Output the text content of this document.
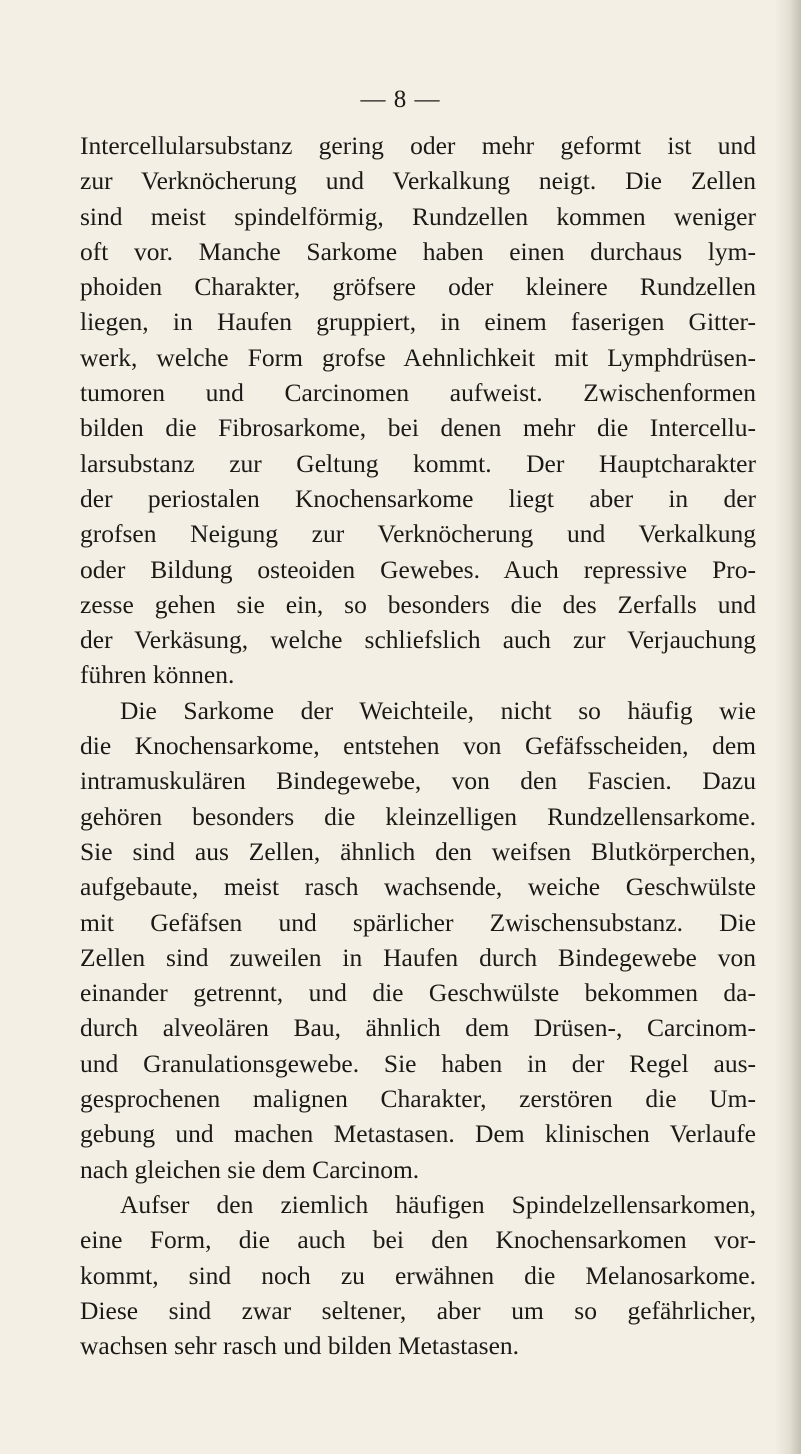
— 8 —
Intercellularsubstanz gering oder mehr geformt ist und
zur Verknöcherung und Verkalkung neigt. Die Zellen
sind meist spindelförmig, Rundzellen kommen weniger
oft vor. Manche Sarkome haben einen durchaus lym-
phoiden Charakter, gröfsere oder kleinere Rundzellen
liegen, in Haufen gruppiert, in einem faserigen Gitter-
werk, welche Form grofse Aehnlichkeit mit Lymphdrüsen-
tumoren und Carcinomen aufweist. Zwischenformen
bilden die Fibrosarkome, bei denen mehr die Intercellu-
larsubstanz zur Geltung kommt. Der Hauptcharakter
der periostalen Knochensarkome liegt aber in der
grofsen Neigung zur Verknöcherung und Verkalkung
oder Bildung osteoiden Gewebes. Auch repressive Pro-
zesse gehen sie ein, so besonders die des Zerfalls und
der Verkäsung, welche schliefslich auch zur Verjauchung
führen können.
Die Sarkome der Weichteile, nicht so häufig wie
die Knochensarkome, entstehen von Gefäfsscheiden, dem
intramuskulären Bindegewebe, von den Fascien. Dazu
gehören besonders die kleinzelligen Rundzellensarkome.
Sie sind aus Zellen, ähnlich den weifsen Blutkörperchen,
aufgebaute, meist rasch wachsende, weiche Geschwülste
mit Gefäfsen und spärlicher Zwischensubstanz. Die
Zellen sind zuweilen in Haufen durch Bindegewebe von
einander getrennt, und die Geschwülste bekommen da-
durch alveolären Bau, ähnlich dem Drüsen-, Carcinom-
und Granulationsgewebe. Sie haben in der Regel aus-
gesprochenen malignen Charakter, zerstören die Um-
gebung und machen Metastasen. Dem klinischen Verlaufe
nach gleichen sie dem Carcinom.
Aufser den ziemlich häufigen Spindelzellensarkomen,
eine Form, die auch bei den Knochensarkomen vor-
kommt, sind noch zu erwähnen die Melanosarkome.
Diese sind zwar seltener, aber um so gefährlicher,
wachsen sehr rasch und bilden Metastasen.
